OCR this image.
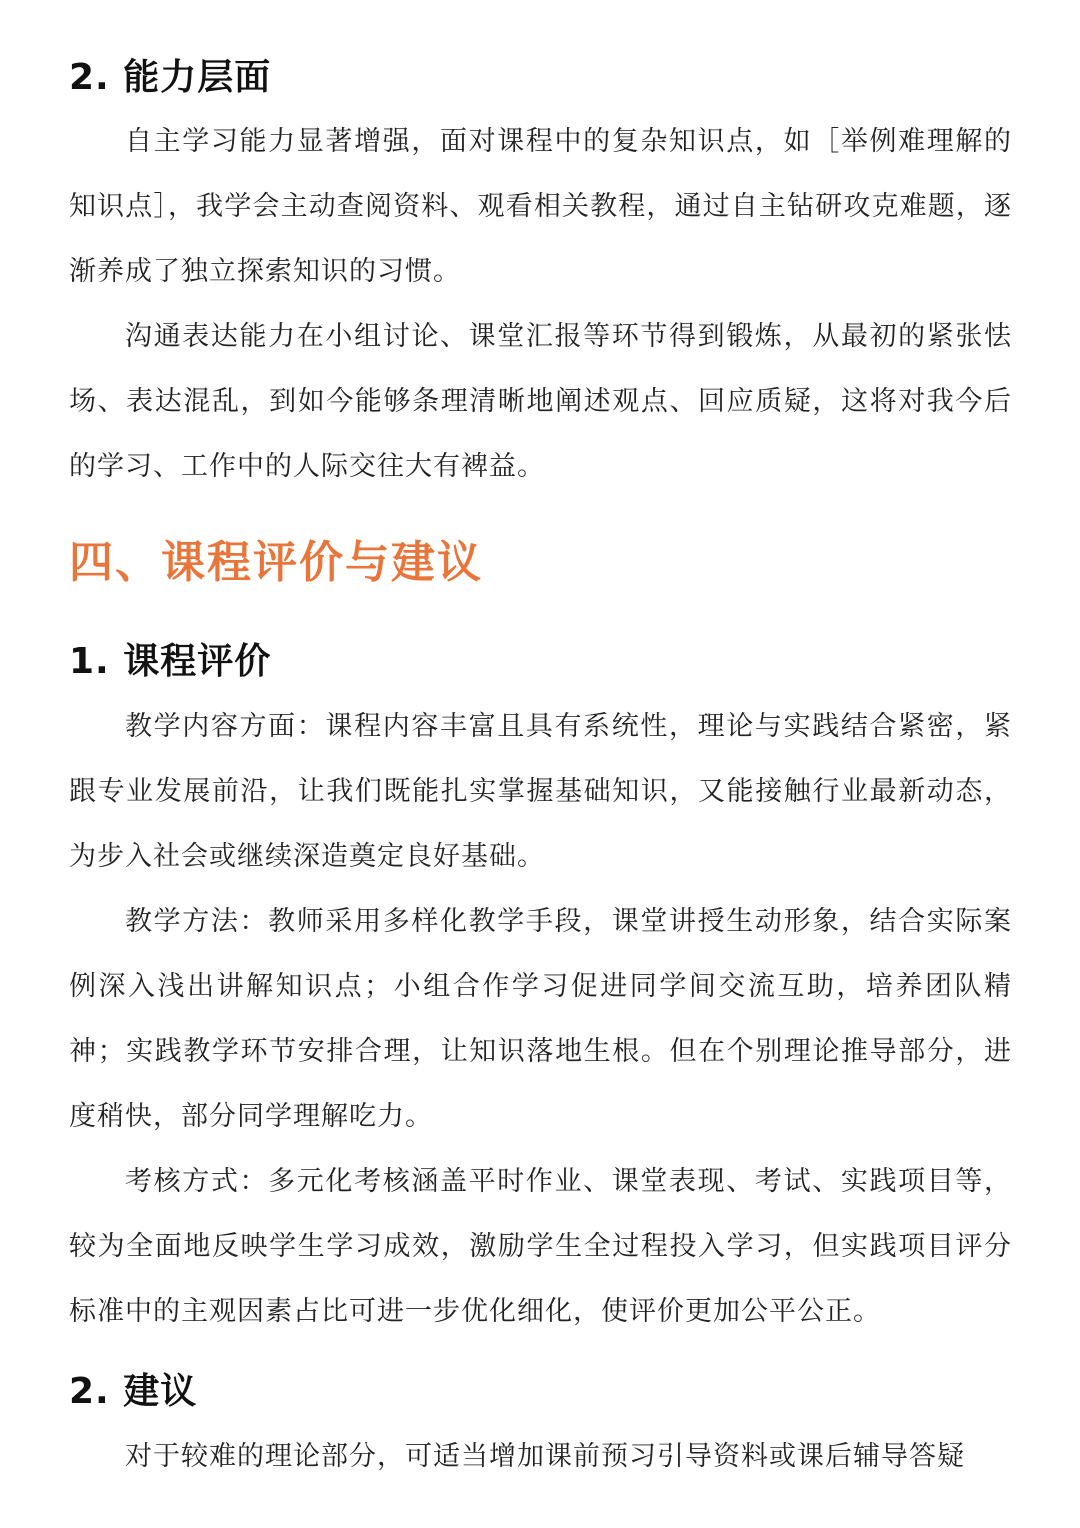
2. 能力层面

自主学习能力显著增强，面对课程中的复杂知识点，如［举例难理解的知识点］，我学会主动查阅资料、观看相关教程，通过自主钻研攻克难题，逐渐养成了独立探索知识的习惯。

沟通表达能力在小组讨论、课堂汇报等环节得到锻炼，从最初的紧张怯场、表达混乱，到如今能够条理清晰地阐述观点、回应质疑，这将对我今后的学习、工作中的人际交往大有裨益。

四、课程评价与建议
1. 课程评价

教学内容方面：课程内容丰富且具有系统性，理论与实践结合紧密，紧跟专业发展前沿，让我们既能扎实掌握基础知识，又能接触行业最新动态，为步入社会或继续深造奠定良好基础。

教学方法：教师采用多样化教学手段，课堂讲授生动形象，结合实际案例深入浅出讲解知识点；小组合作学习促进同学间交流互助，培养团队精神；实践教学环节安排合理，让知识落地生根。但在个别理论推导部分，进度稍快，部分同学理解吃力。

考核方式：多元化考核涵盖平时作业、课堂表现、考试、实践项目等，较为全面地反映学生学习成效，激励学生全过程投入学习，但实践项目评分标准中的主观因素占比可进一步优化细化，使评价更加公平公正。

2. 建议

对于较难的理论部分，可适当增加课前预习引导资料或课后辅导答疑
